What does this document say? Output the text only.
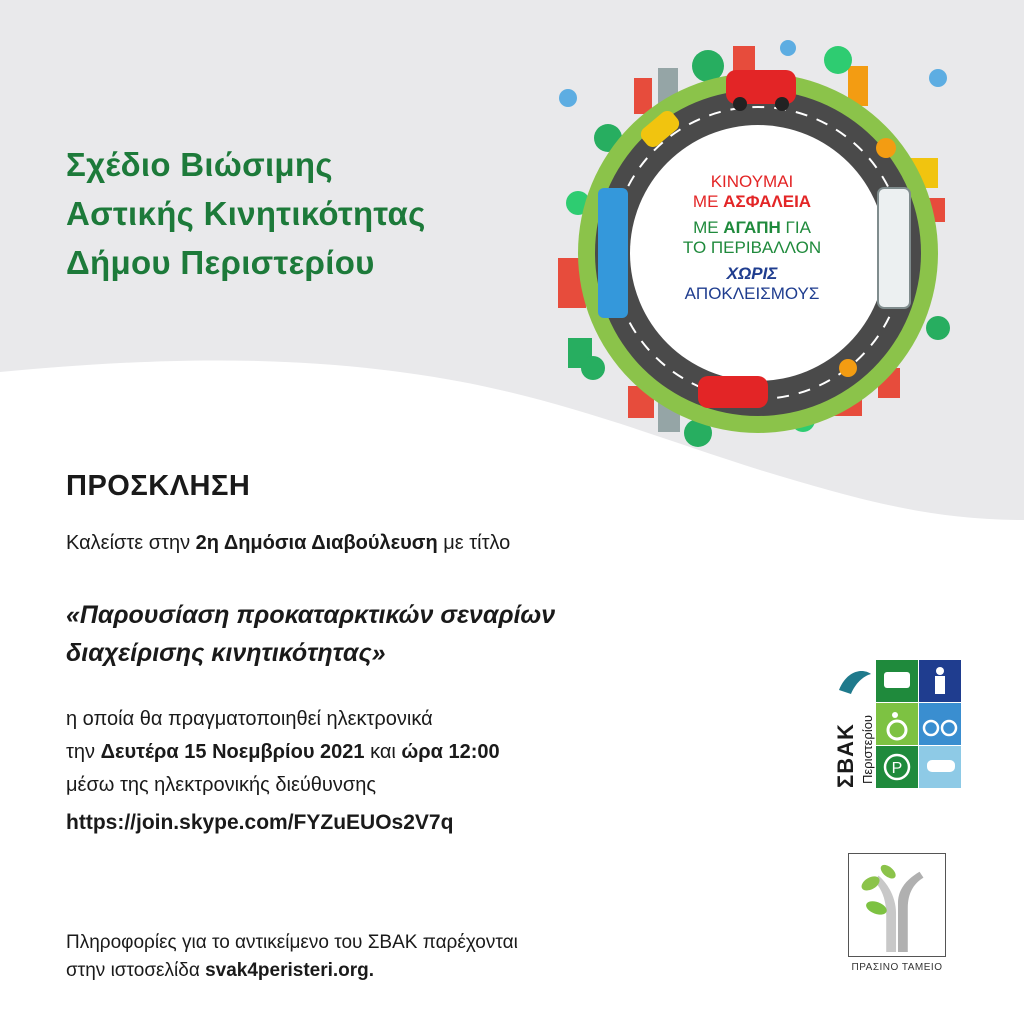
Σχέδιο Βιώσιμης
Αστικής Κινητικότητας
Δήμου Περιστερίου
ΚΙΝΟΥΜΑΙ
ΜΕ ΑΣΦΑΛΕΙΑ
ΜΕ ΑΓΑΠΗ ΓΙΑ
ΤΟ ΠΕΡΙΒΑΛΛΟΝ
ΧΩΡΙΣ
ΑΠΟΚΛΕΙΣΜΟΥΣ
ΠΡΟΣΚΛΗΣΗ
Καλείστε στην 2η Δημόσια Διαβούλευση με τίτλο
«Παρουσίαση προκαταρκτικών σεναρίων
διαχείρισης κινητικότητας»
η οποία θα πραγματοποιηθεί ηλεκτρονικά
την Δευτέρα 15 Νοεμβρίου 2021 και ώρα 12:00
μέσω της ηλεκτρονικής διεύθυνσης
https://join.skype.com/FYZuEUOs2V7q
Πληροφορίες για το αντικείμενο του ΣΒΑΚ παρέχονται
στην ιστοσελίδα svak4peristeri.org.
P
ΣΒΑΚ Περιστερίου
ΠΡΑΣΙΝΟ ΤΑΜΕΙΟ
